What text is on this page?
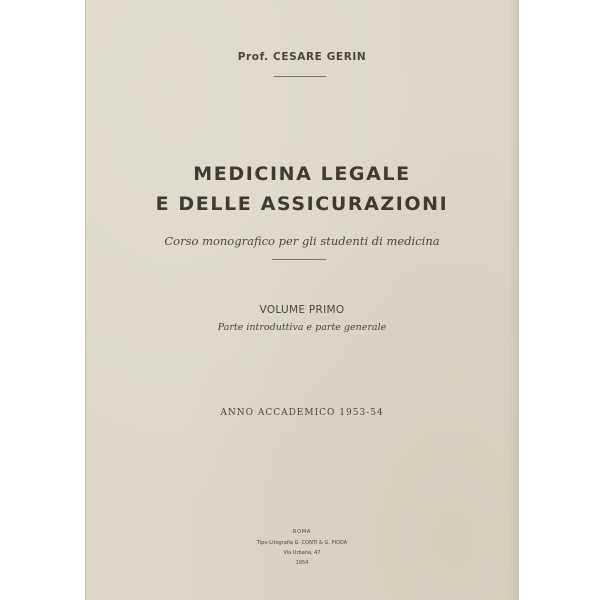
Prof. CESARE GERIN
MEDICINA LEGALE
E DELLE ASSICURAZIONI
Corso monografico per gli studenti di medicina
VOLUME PRIMO
Parte introduttiva e parte generale
ANNO ACCADEMICO 1953-54
ROMA
Tipo-Litografia G. CONTI & G. PIODA
Via Urbana, 47
1954
